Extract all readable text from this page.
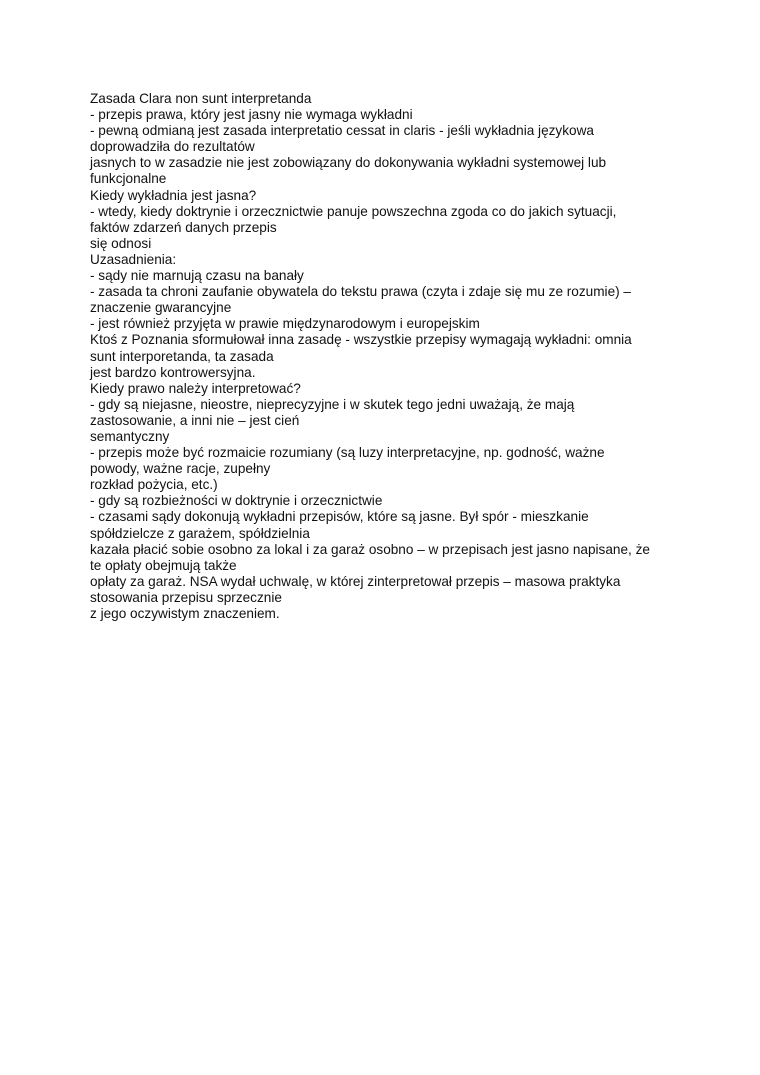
Zasada Clara non sunt interpretanda

- przepis prawa, który jest jasny nie wymaga wykładni

- pewną odmianą jest zasada interpretatio cessat in claris - jeśli wykładnia językowa

doprowadziła do rezultatów

jasnych to w zasadzie nie jest zobowiązany do dokonywania wykładni systemowej lub

funkcjonalne

Kiedy wykładnia jest jasna?

- wtedy, kiedy doktrynie i orzecznictwie panuje powszechna zgoda co do jakich sytuacji,

faktów zdarzeń danych przepis

się odnosi

Uzasadnienia:

- sądy nie marnują czasu na banały

- zasada ta chroni zaufanie obywatela do tekstu prawa (czyta i zdaje się mu ze rozumie) –

znaczenie gwarancyjne

- jest również przyjęta w prawie międzynarodowym i europejskim

Ktoś z Poznania sformułował inna zasadę - wszystkie przepisy wymagają wykładni: omnia

sunt interporetanda, ta zasada

jest bardzo kontrowersyjna.

Kiedy prawo należy interpretować?

- gdy są niejasne, nieostre, nieprecyzyjne i w skutek tego jedni uważają, że mają

zastosowanie, a inni nie – jest cień

semantyczny

- przepis może być rozmaicie rozumiany (są luzy interpretacyjne, np. godność, ważne

powody, ważne racje, zupełny

rozkład pożycia, etc.)

- gdy są rozbieżności w doktrynie i orzecznictwie

- czasami sądy dokonują wykładni przepisów, które są jasne. Był spór - mieszkanie

spółdzielcze z garażem, spółdzielnia

kazała płacić sobie osobno za lokal i za garaż osobno – w przepisach jest jasno napisane, że

te opłaty obejmują także

opłaty za garaż. NSA wydał uchwalę, w której zinterpretował przepis – masowa praktyka

stosowania przepisu sprzecznie

z jego oczywistym znaczeniem.
